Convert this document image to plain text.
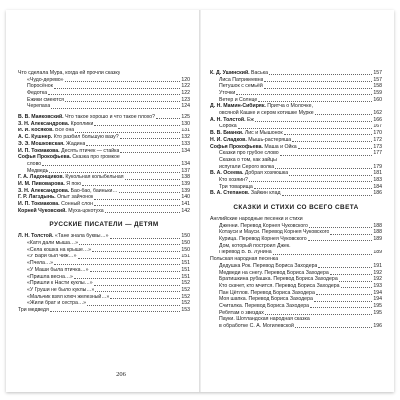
Что сделала Мура, когда ей прочли сказку
«Чудо-дерево»	120
Поросёнок	122
Федотка	122
Ёжики смеются	123
Черепаха	124
В. В. Маяковский. Что такое хорошо и что такое плохо?	125
З. Н. Александрова. Кроплики	130
И. И. Косяков. Все она	131
А. С. Кушнер. Кто разбил большую вазу?	132
Э. Э. Мошковская. Жадина	133
И. П. Токмакова. Десять птичек — стайка	134
Софья Прокофьева. Сказка про громкое
слово	134
Медведь	137
Г. А. Ладонщиков. Кукольная колыбельная	138
И. М. Пивоварова. Я пою	139
З. Н. Александрова. Бао-бао, баиньки…	139
Г. Р. Лагздынь. Опыт зайчонок	140
И. П. Токмакова. Сонный слон	141
Корней Чуковский. Муха-цокотуха	142
РУССКИЕ ПИСАТЕЛИ — ДЕТЯМ
Л. Н. Толстой. «Тане знала буквы…»	150
«Катя дали мыша…»	150
«Села кошка на крыше…»	150
«У Вари был чиж…»	151
«Пчела…»	151
«У Маши была птичка…»	151
«Пришла весна…»	151
«Пришли к Насти куклы…»	152
«У Груши не было куклы…»	152
«Мальчик взял ключ железный…»	152
«Жили брат и сестра…»	152
Три медведя	153
К. Д. Ушинский. Васька	157
Лиса Патрикеевна	157
Петушок с семьёй	158
Уточки	159
Ветер и Солнце	160
Д. Н. Мамин-Сибиряк. Притча о Молочке,
овсяной Кашке и сером котишке Мурке	162
А. Н. Толстой. Ёж	166
Сорока	167
В. В. Бианки. Лис и Мышонок	170
Н. И. Сладков. Мышь-растеряша	172
Софья Прокофьева. Маша и Ойка	173
Сказки про грубое слово	177
Сказка о том, как зайцы
испугали Серого волка	179
В. А. Осеева. Добрая хозяюшка	181
Кто хозяин?	183
Три товарища	184
В. А. Степанов. Зайкин клад	186
СКАЗКИ И СТИХИ СО ВСЕГО СВЕТА
Английские народные песенки и стихи
Дженни. Перевод Корнея Чуковского	188
Котауси и Мауси. Перевод Корнея Чуковского	188
Курица. Перевод Корнея Чуковского	189
Дом, который построил Джек.
Перевод В. В. Лунина	189
Польская народная песенка
Дедушка Рок. Перевод Бориса Заходера	191
Медведи на снегу. Перевод Бориса Заходера	192
Братишкина рубашка. Перевод Бориса Заходера	192
Кто скачет, кто мчится. Перевод Бориса Заходера	193
Пан Цётлов. Перевод Бориса Заходера	194
Моя шапка. Перевод Бориса Заходера	194
Считалка. Перевод Бориса Заходера	195
Ребятам о звездах	195
Пауки. Шотландская народная сказка
в обработке С. А. Могилевской	196
206
